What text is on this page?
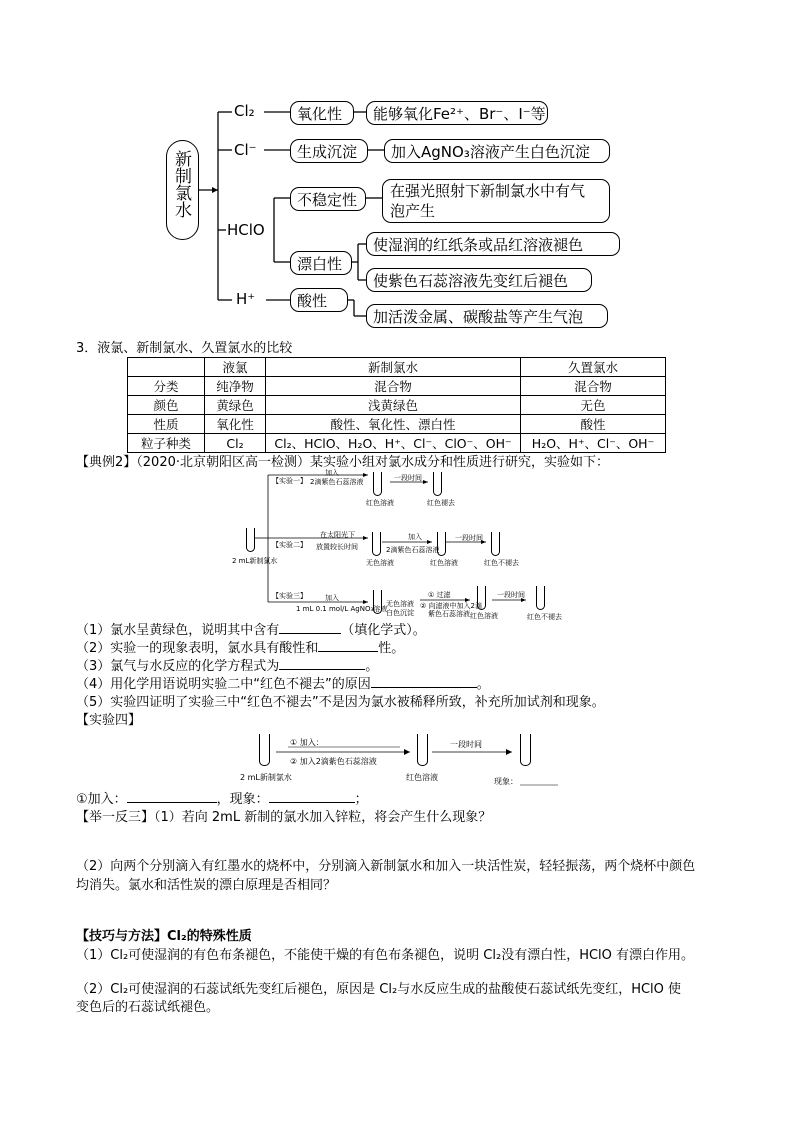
新制氯水
Cl₂
Cl⁻
HClO
H⁺
氧化性	能够氧化Fe²⁺、Br⁻、I⁻等
生成沉淀	加入AgNO₃溶液产生白色沉淀
不稳定性	在强光照射下新制氯水中有气
泡产生
漂白性
使湿润的红纸条或品红溶液褪色
使紫色石蕊溶液先变红后褪色
酸性
加活泼金属、碳酸盐等产生气泡
3．液氯、新制氯水、久置氯水的比较
	液氯	新制氯水	久置氯水
分类	纯净物	混合物	混合物
颜色	黄绿色	浅黄绿色	无色
性质	氧化性	酸性、氧化性、漂白性	酸性
粒子种类	Cl₂	Cl₂、HClO、H₂O、H⁺、Cl⁻、ClO⁻、OH⁻	H₂O、H⁺、Cl⁻、OH⁻
【典例2】（2020·北京朝阳区高一检测）某实验小组对氯水成分和性质进行研究，实验如下：
2 mL新制氯水
【实验一】
加入
2滴紫色石蕊溶液
红色溶液
一段时间
红色褪去
【实验二】
在太阳光下
放置较长时间
无色溶液
加入
2滴紫色石蕊溶液
红色溶液
一段时间
红色不褪去
【实验三】	加入
1 mL 0.1 mol/L AgNO₃溶液
无色溶液
白色沉淀
① 过滤
② 向滤液中加入2滴
紫色石蕊溶液 红色溶液
一段时间
红色不褪去
（1）氯水呈黄绿色，说明其中含有	（填化学式）。
（2）实验一的现象表明，氯水具有酸性和	性。
（3）氯气与水反应的化学方程式为	。
（4）用化学用语说明实验二中“红色不褪去”的原因	。
（5）实验四证明了实验三中“红色不褪去”不是因为氯水被稀释所致，补充所加试剂和现象。
【实验四】
2 mL新制氯水
① 加入：
② 加入2滴紫色石蕊溶液
红色溶液
一段时间
现象：
①加入：	，现象：	；
【举一反三】（1）若向 2mL 新制的氯水加入锌粒，将会产生什么现象？
（2）向两个分别滴入有红墨水的烧杯中，分别滴入新制氯水和加入一块活性炭，轻轻振荡，两个烧杯中颜色
均消失。氯水和活性炭的漂白原理是否相同？
【技巧与方法】Cl₂的特殊性质
（1）Cl₂可使湿润的有色布条褪色，不能使干燥的有色布条褪色，说明 Cl₂没有漂白性，HClO 有漂白作用。
（2）Cl₂可使湿润的石蕊试纸先变红后褪色，原因是 Cl₂与水反应生成的盐酸使石蕊试纸先变红，HClO 使
变色后的石蕊试纸褪色。
